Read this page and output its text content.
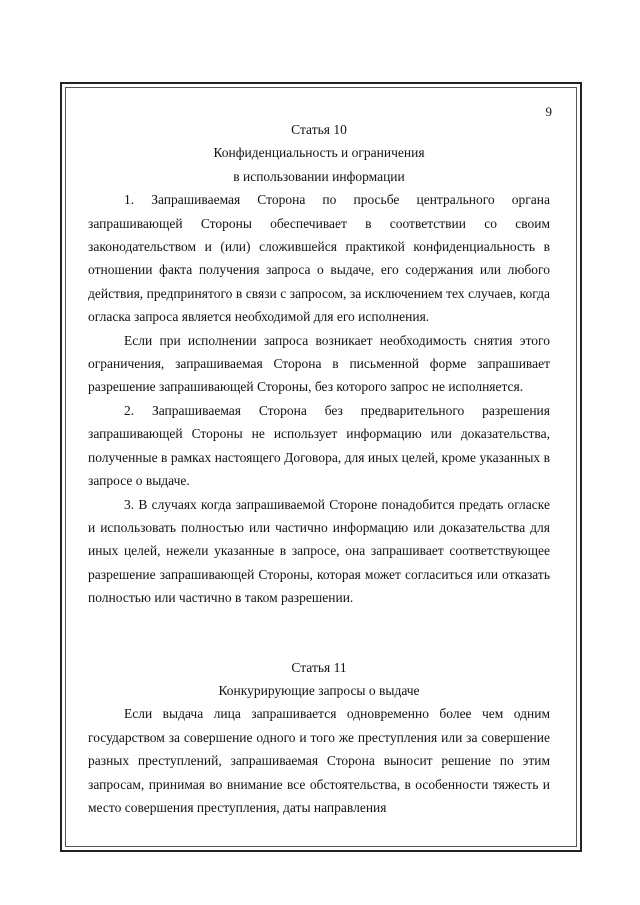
9

Статья 10

Конфиденциальность и ограничения

в использовании информации

1. Запрашиваемая Сторона по просьбе центрального органа запрашивающей Стороны обеспечивает в соответствии со своим законодательством и (или) сложившейся практикой конфиденциальность в отношении факта получения запроса о выдаче, его содержания или любого действия, предпринятого в связи с запросом, за исключением тех случаев, когда огласка запроса является необходимой для его исполнения.

Если при исполнении запроса возникает необходимость снятия этого ограничения, запрашиваемая Сторона в письменной форме запрашивает разрешение запрашивающей Стороны, без которого запрос не исполняется.

2. Запрашиваемая Сторона без предварительного разрешения запрашивающей Стороны не использует информацию или доказательства, полученные в рамках настоящего Договора, для иных целей, кроме указанных в запросе о выдаче.

3. В случаях когда запрашиваемой Стороне понадобится предать огласке и использовать полностью или частично информацию или доказательства для иных целей, нежели указанные в запросе, она запрашивает соответствующее разрешение запрашивающей Стороны, которая может согласиться или отказать полностью или частично в таком разрешении.

Статья 11

Конкурирующие запросы о выдаче

Если выдача лица запрашивается одновременно более чем одним государством за совершение одного и того же преступления или за совершение разных преступлений, запрашиваемая Сторона выносит решение по этим запросам, принимая во внимание все обстоятельства, в особенности тяжесть и место совершения преступления, даты направления
